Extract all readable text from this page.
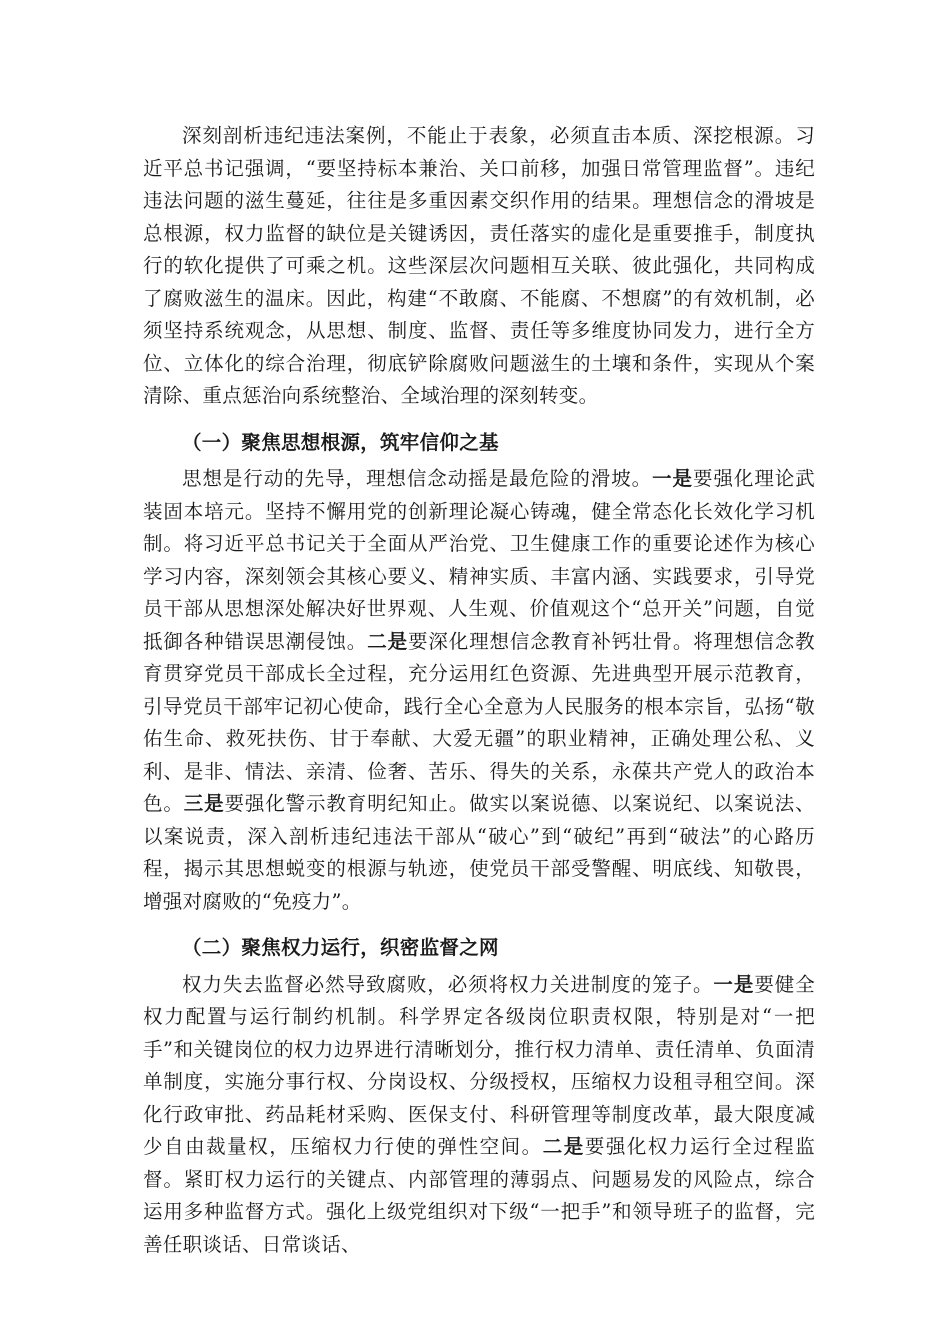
深刻剖析违纪违法案例，不能止于表象，必须直击本质、深挖根源。习近平总书记强调，“要坚持标本兼治、关口前移，加强日常管理监督”。违纪违法问题的滋生蔓延，往往是多重因素交织作用的结果。理想信念的滑坡是总根源，权力监督的缺位是关键诱因，责任落实的虚化是重要推手，制度执行的软化提供了可乘之机。这些深层次问题相互关联、彼此强化，共同构成了腐败滋生的温床。因此，构建“不敢腐、不能腐、不想腐”的有效机制，必须坚持系统观念，从思想、制度、监督、责任等多维度协同发力，进行全方位、立体化的综合治理，彻底铲除腐败问题滋生的土壤和条件，实现从个案清除、重点惩治向系统整治、全域治理的深刻转变。

（一）聚焦思想根源，筑牢信仰之基

思想是行动的先导，理想信念动摇是最危险的滑坡。一是要强化理论武装固本培元。坚持不懈用党的创新理论凝心铸魂，健全常态化长效化学习机制。将习近平总书记关于全面从严治党、卫生健康工作的重要论述作为核心学习内容，深刻领会其核心要义、精神实质、丰富内涵、实践要求，引导党员干部从思想深处解决好世界观、人生观、价值观这个“总开关”问题，自觉抵御各种错误思潮侵蚀。二是要深化理想信念教育补钙壮骨。将理想信念教育贯穿党员干部成长全过程，充分运用红色资源、先进典型开展示范教育，引导党员干部牢记初心使命，践行全心全意为人民服务的根本宗旨，弘扬“敬佑生命、救死扶伤、甘于奉献、大爱无疆”的职业精神，正确处理公私、义利、是非、情法、亲清、俭奢、苦乐、得失的关系，永葆共产党人的政治本色。三是要强化警示教育明纪知止。做实以案说德、以案说纪、以案说法、以案说责，深入剖析违纪违法干部从“破心”到“破纪”再到“破法”的心路历程，揭示其思想蜕变的根源与轨迹，使党员干部受警醒、明底线、知敬畏，增强对腐败的“免疫力”。

（二）聚焦权力运行，织密监督之网

权力失去监督必然导致腐败，必须将权力关进制度的笼子。一是要健全权力配置与运行制约机制。科学界定各级岗位职责权限，特别是对“一把手”和关键岗位的权力边界进行清晰划分，推行权力清单、责任清单、负面清单制度，实施分事行权、分岗设权、分级授权，压缩权力设租寻租空间。深化行政审批、药品耗材采购、医保支付、科研管理等制度改革，最大限度减少自由裁量权，压缩权力行使的弹性空间。二是要强化权力运行全过程监督。紧盯权力运行的关键点、内部管理的薄弱点、问题易发的风险点，综合运用多种监督方式。强化上级党组织对下级“一把手”和领导班子的监督，完善任职谈话、日常谈话、
